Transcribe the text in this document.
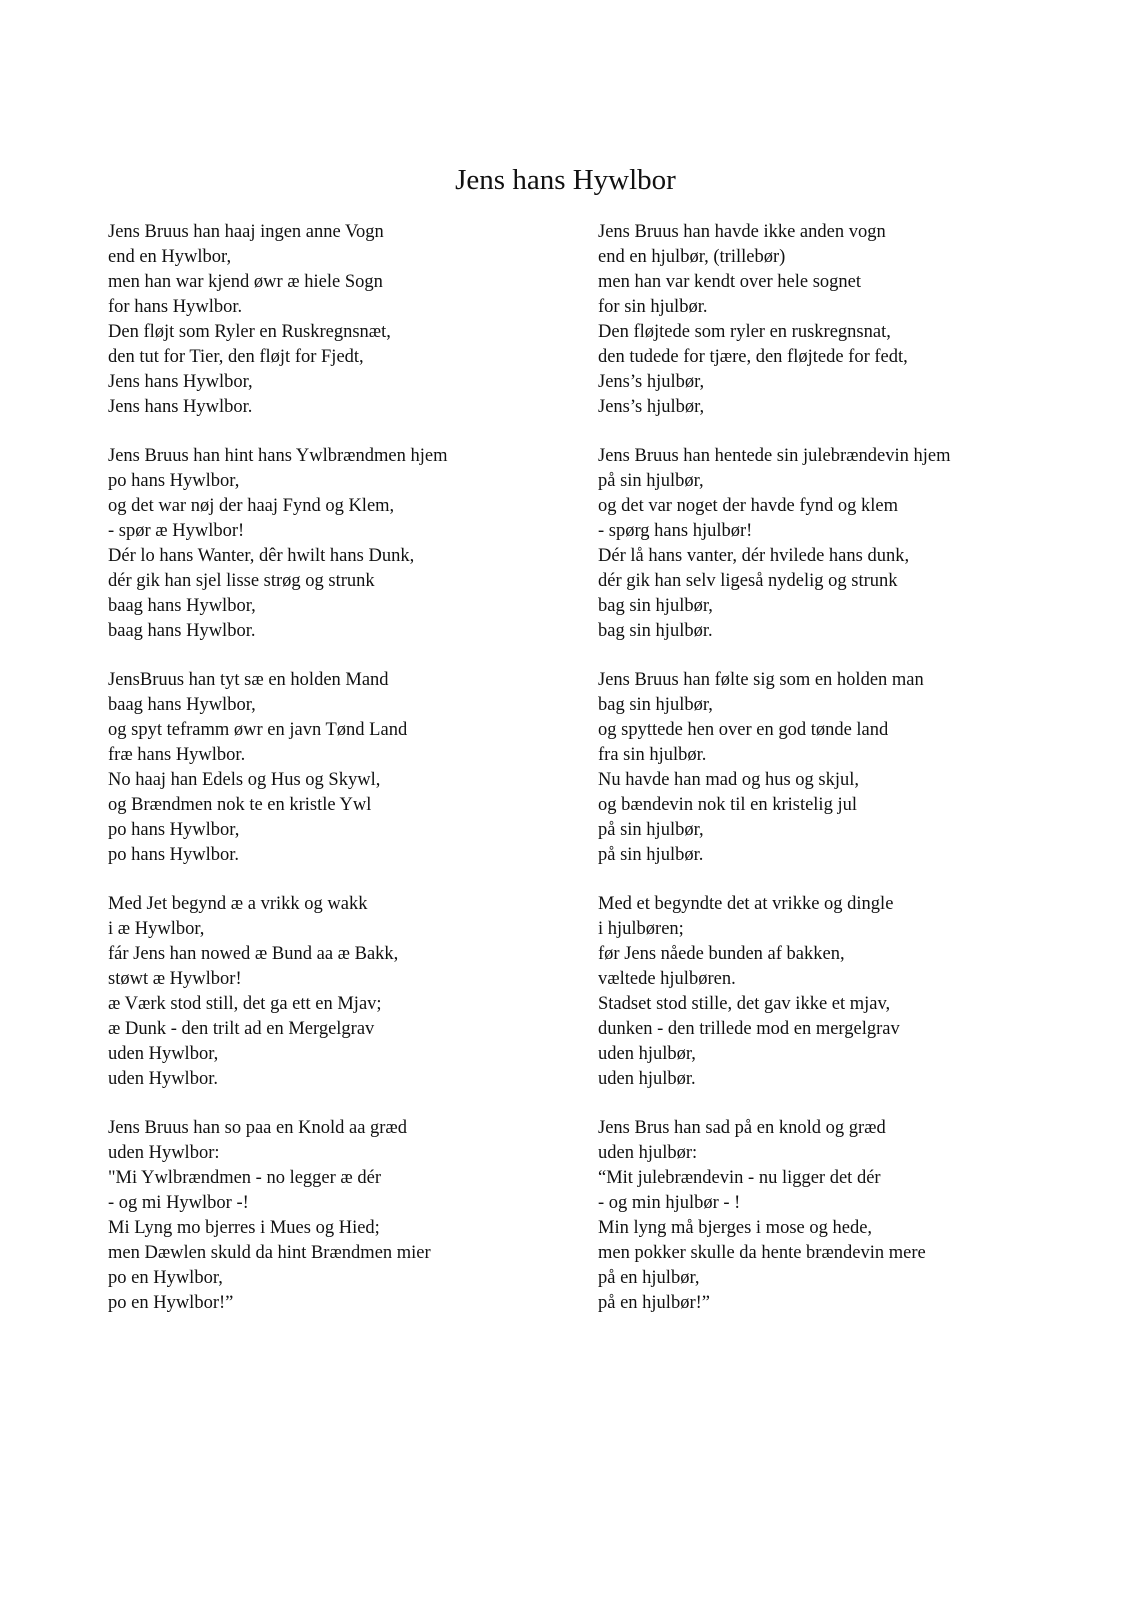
Jens hans Hywlbor
Jens Bruus han haaj ingen anne Vogn
end en Hywlbor,
men han war kjend øwr æ hiele Sogn
for hans Hywlbor.
Den fløjt som Ryler en Ruskregnsnæt,
den tut for Tier, den fløjt for Fjedt,
Jens hans Hywlbor,
Jens hans Hywlbor.
Jens Bruus han hint hans Ywlbrændmen hjem
po hans Hywlbor,
og det war nøj der haaj Fynd og Klem,
- spør æ Hywlbor!
Dér lo hans Wanter, dêr hwilt hans Dunk,
dér gik han sjel lisse strøg og strunk
baag hans Hywlbor,
baag hans Hywlbor.
JensBruus han tyt sæ en holden Mand
baag hans Hywlbor,
og spyt teframm øwr en javn Tønd Land
fræ hans Hywlbor.
No haaj han Edels og Hus og Skywl,
og Brændmen nok te en kristle Ywl
po hans Hywlbor,
po hans Hywlbor.
Med Jet begynd æ a vrikk og wakk
i æ Hywlbor,
fár Jens han nowed æ Bund aa æ Bakk,
støwt æ Hywlbor!
æ Værk stod still, det ga ett en Mjav;
æ Dunk - den trilt ad en Mergelgrav
uden Hywlbor,
uden Hywlbor.
Jens Bruus han so paa en Knold aa græd
uden Hywlbor:
"Mi Ywlbrændmen - no legger æ dér
- og mi Hywlbor -!
Mi Lyng mo bjerres i Mues og Hied;
men Dæwlen skuld da hint Brændmen mier
po en Hywlbor,
po en Hywlbor!”
Jens Bruus han havde ikke anden vogn
end en hjulbør, (trillebør)
men han var kendt over hele sognet
for sin hjulbør.
Den fløjtede som ryler en ruskregnsnat,
den tudede for tjære, den fløjtede for fedt,
Jens’s hjulbør,
Jens’s hjulbør,
Jens Bruus han hentede sin julebrændevin hjem
på sin hjulbør,
og det var noget der havde fynd og klem
- spørg hans hjulbør!
Dér lå hans vanter, dér hvilede hans dunk,
dér gik han selv ligeså nydelig og strunk
bag sin hjulbør,
bag sin hjulbør.
Jens Bruus han følte sig som en holden man
bag sin hjulbør,
og spyttede hen over en god tønde land
fra sin hjulbør.
Nu havde han mad og hus og skjul,
og bændevin nok til en kristelig jul
på sin hjulbør,
på sin hjulbør.
Med et begyndte det at vrikke og dingle
i hjulbøren;
før Jens nåede bunden af bakken,
væltede hjulbøren.
Stadset stod stille, det gav ikke et mjav,
dunken - den trillede mod en mergelgrav
uden hjulbør,
uden hjulbør.
Jens Brus han sad på en knold og græd
uden hjulbør:
“Mit julebrændevin - nu ligger det dér
- og min hjulbør - !
Min lyng må bjerges i mose og hede,
men pokker skulle da hente brændevin mere
på en hjulbør,
på en hjulbør!”
